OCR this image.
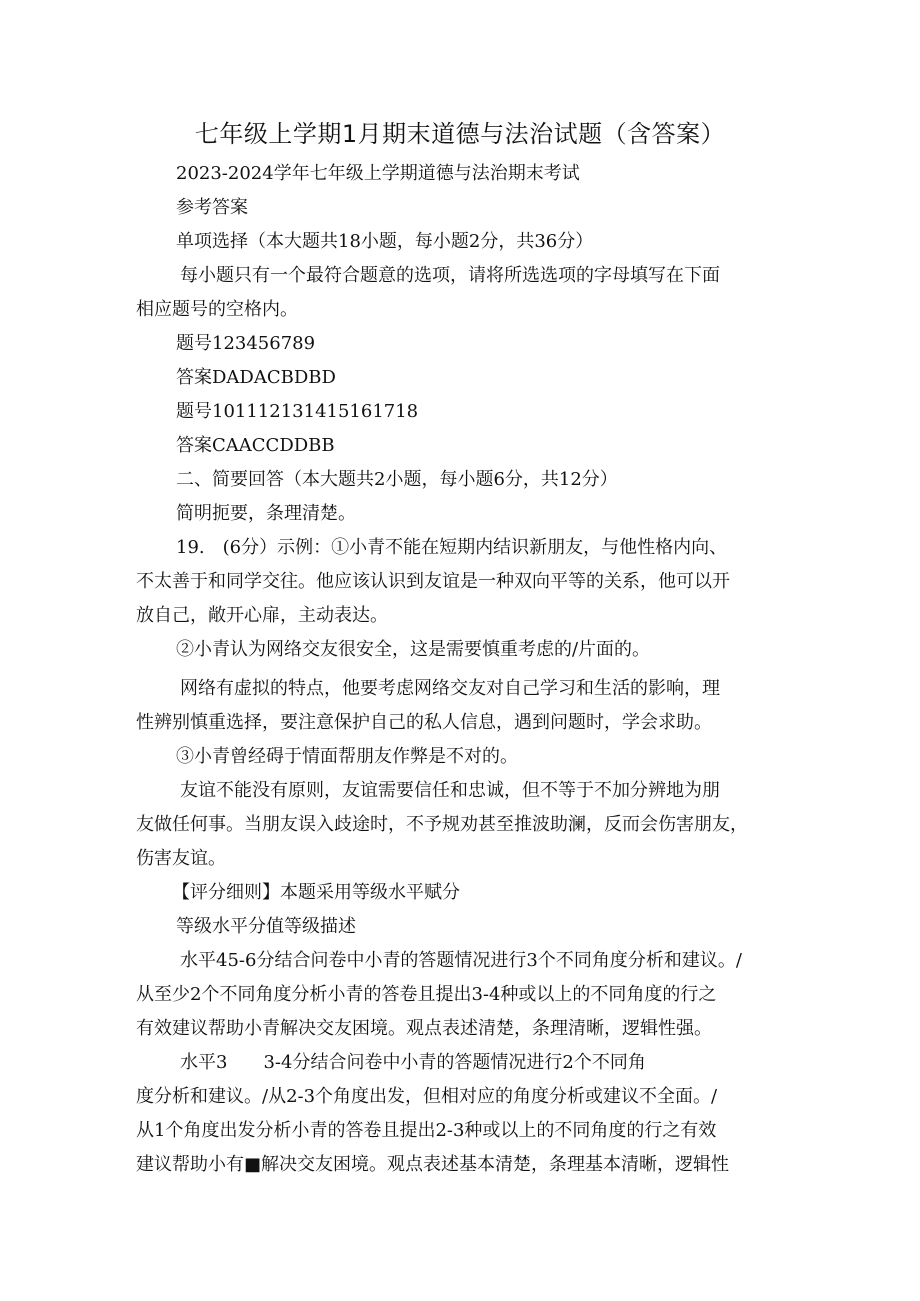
七年级上学期1月期末道德与法治试题（含答案）

2023-2024学年七年级上学期道德与法治期末考试

参考答案

单项选择（本大题共18小题，每小题2分，共36分）

每小题只有一个最符合题意的选项，请将所选选项的字母填写在下面

相应题号的空格内。

题号123456789

答案DADACBDBD

题号101112131415161718

答案CAACCDDBB

二、简要回答（本大题共2小题，每小题6分，共12分）

简明扼要，条理清楚。

19.　(6分）示例：①小青不能在短期内结识新朋友，与他性格内向、

不太善于和同学交往。他应该认识到友谊是一种双向平等的关系，他可以开

放自己，敞开心扉，主动表达。

②小青认为网络交友很安全，这是需要慎重考虑的/片面的。

网络有虚拟的特点，他要考虑网络交友对自己学习和生活的影响，理

性辨别慎重选择，要注意保护自己的私人信息，遇到问题时，学会求助。

③小青曾经碍于情面帮朋友作弊是不对的。

友谊不能没有原则，友谊需要信任和忠诚，但不等于不加分辨地为朋

友做任何事。当朋友误入歧途时，不予规劝甚至推波助澜，反而会伤害朋友，

伤害友谊。

【评分细则】本题采用等级水平赋分

等级水平分值等级描述

水平45-6分结合问卷中小青的答题情况进行3个不同角度分析和建议。/

从至少2个不同角度分析小青的答卷且提出3-4种或以上的不同角度的行之

有效建议帮助小青解决交友困境。观点表述清楚，条理清晰，逻辑性强。

水平3　　3-4分结合问卷中小青的答题情况进行2个不同角

度分析和建议。/从2-3个角度出发，但相对应的角度分析或建议不全面。/

从1个角度出发分析小青的答卷且提出2-3种或以上的不同角度的行之有效

建议帮助小有■解决交友困境。观点表述基本清楚，条理基本清晰，逻辑性
